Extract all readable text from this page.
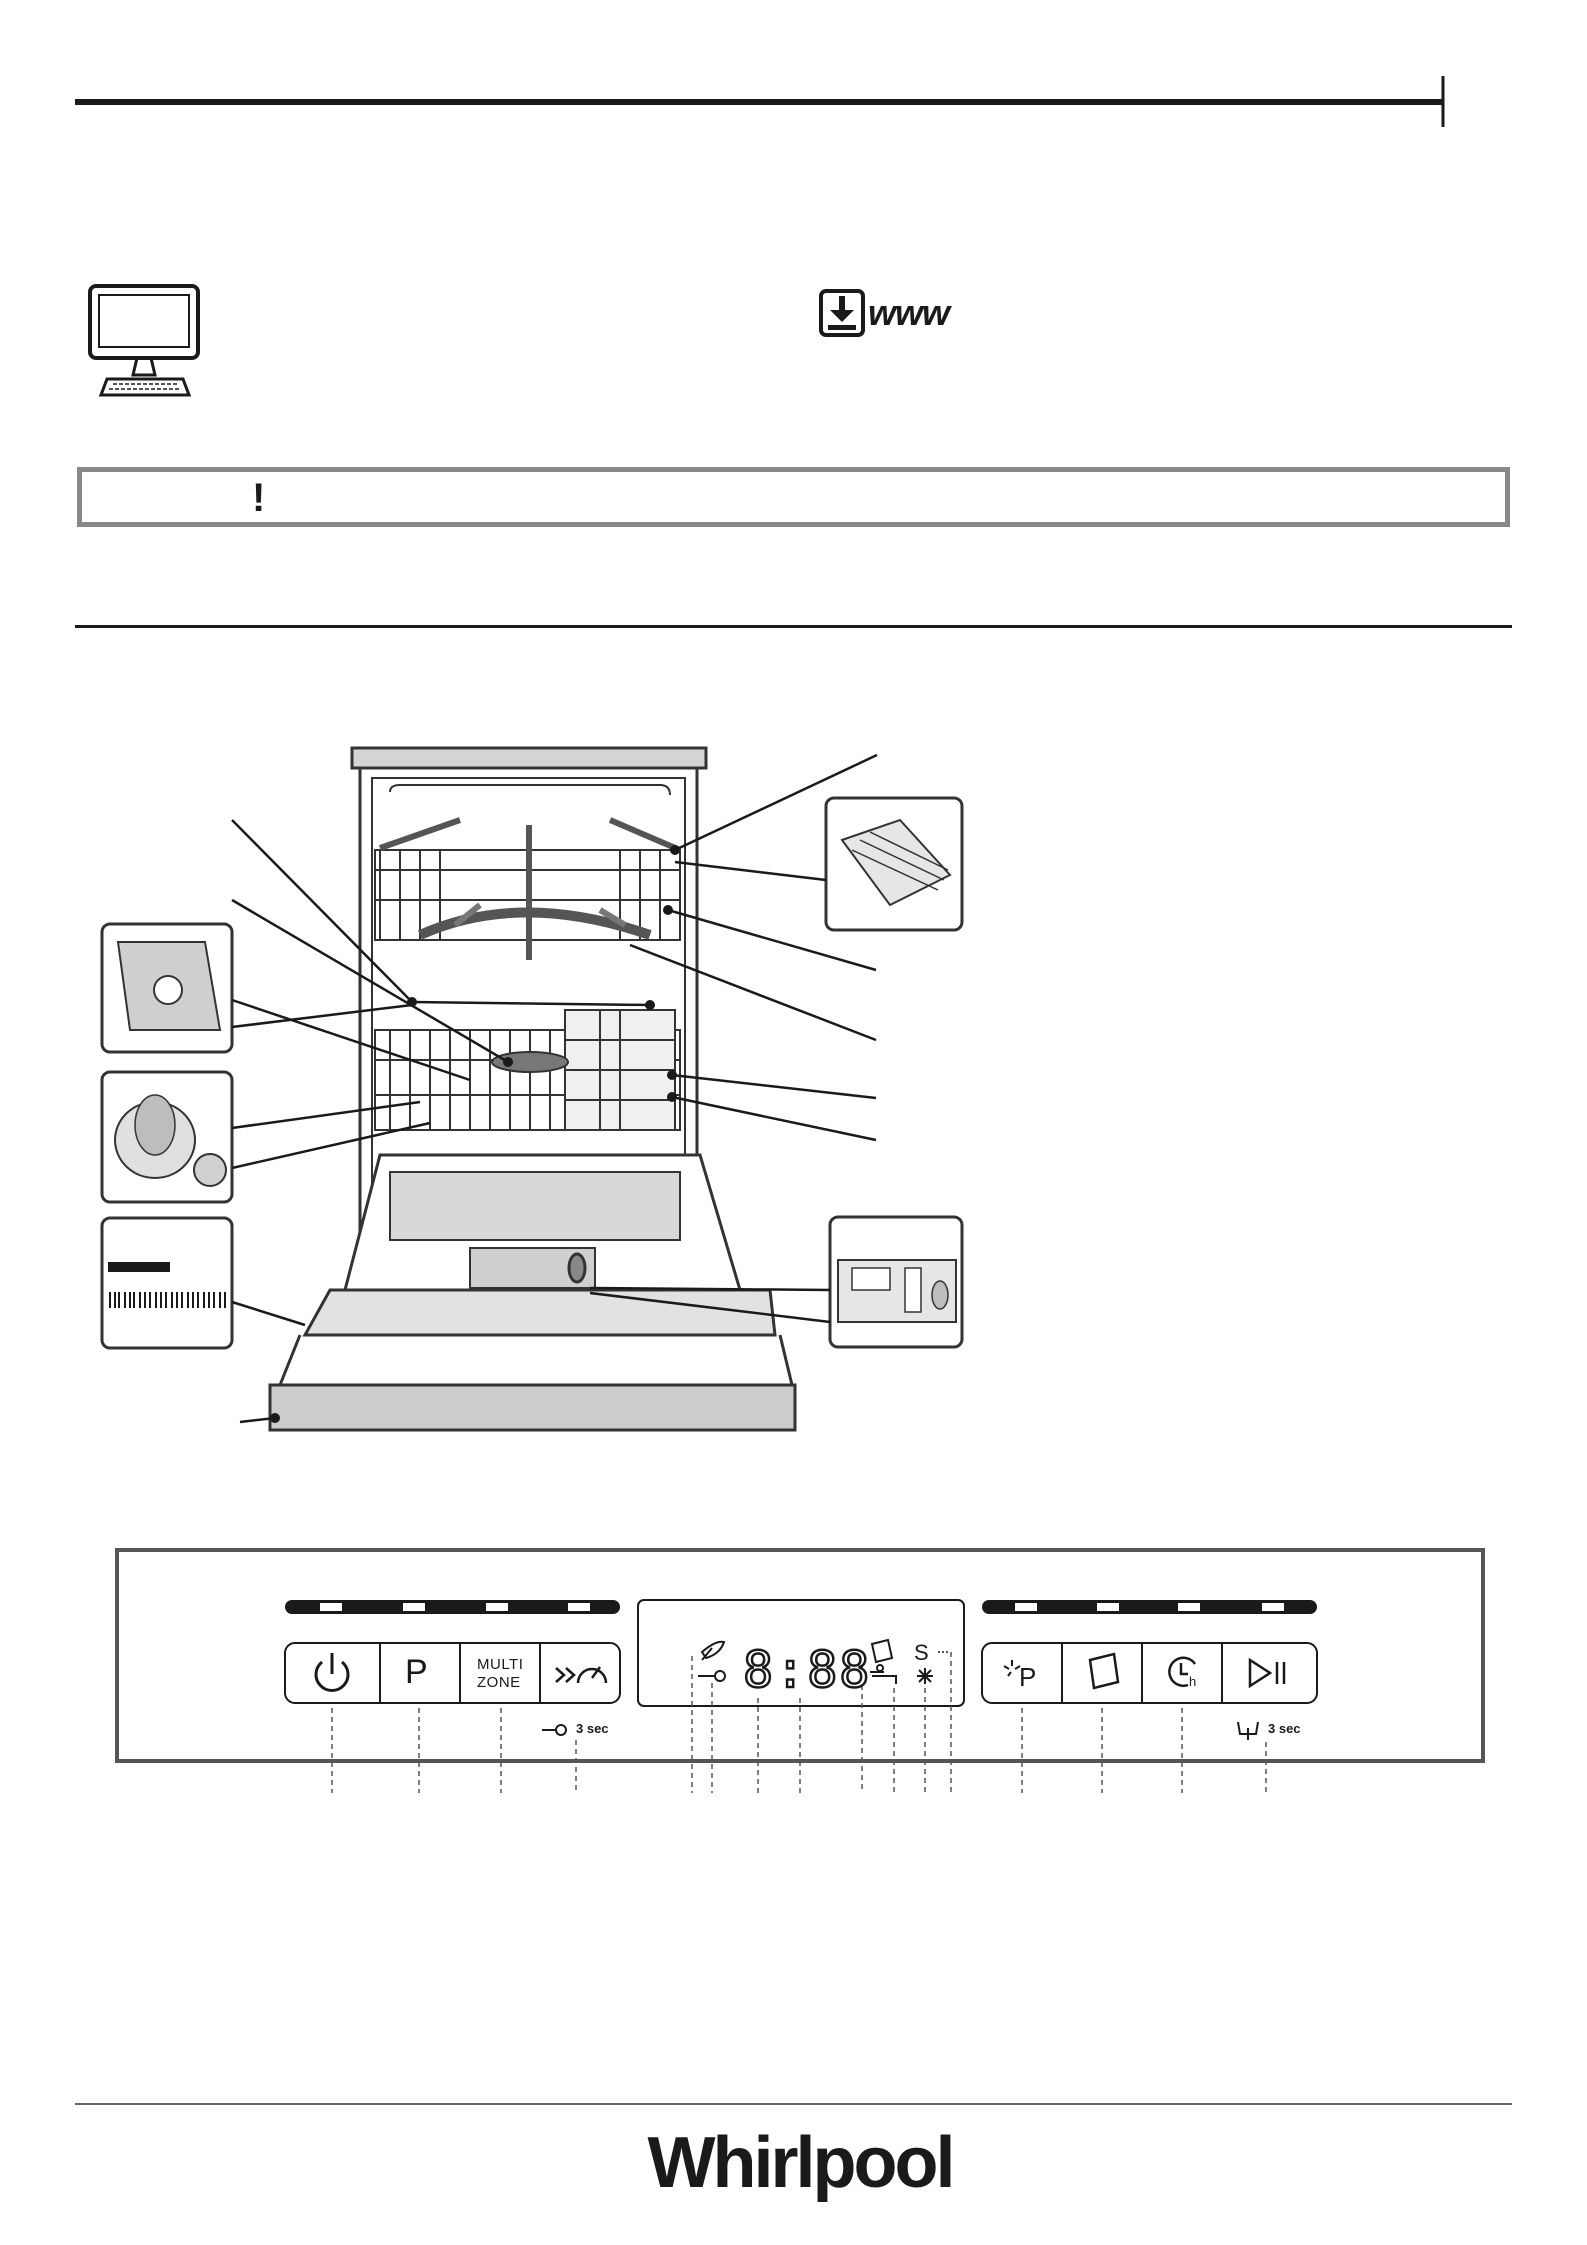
www
!
P	MULTI
ZONE
3 sec
8:88 S
P	h
3 sec
Whirlpool
